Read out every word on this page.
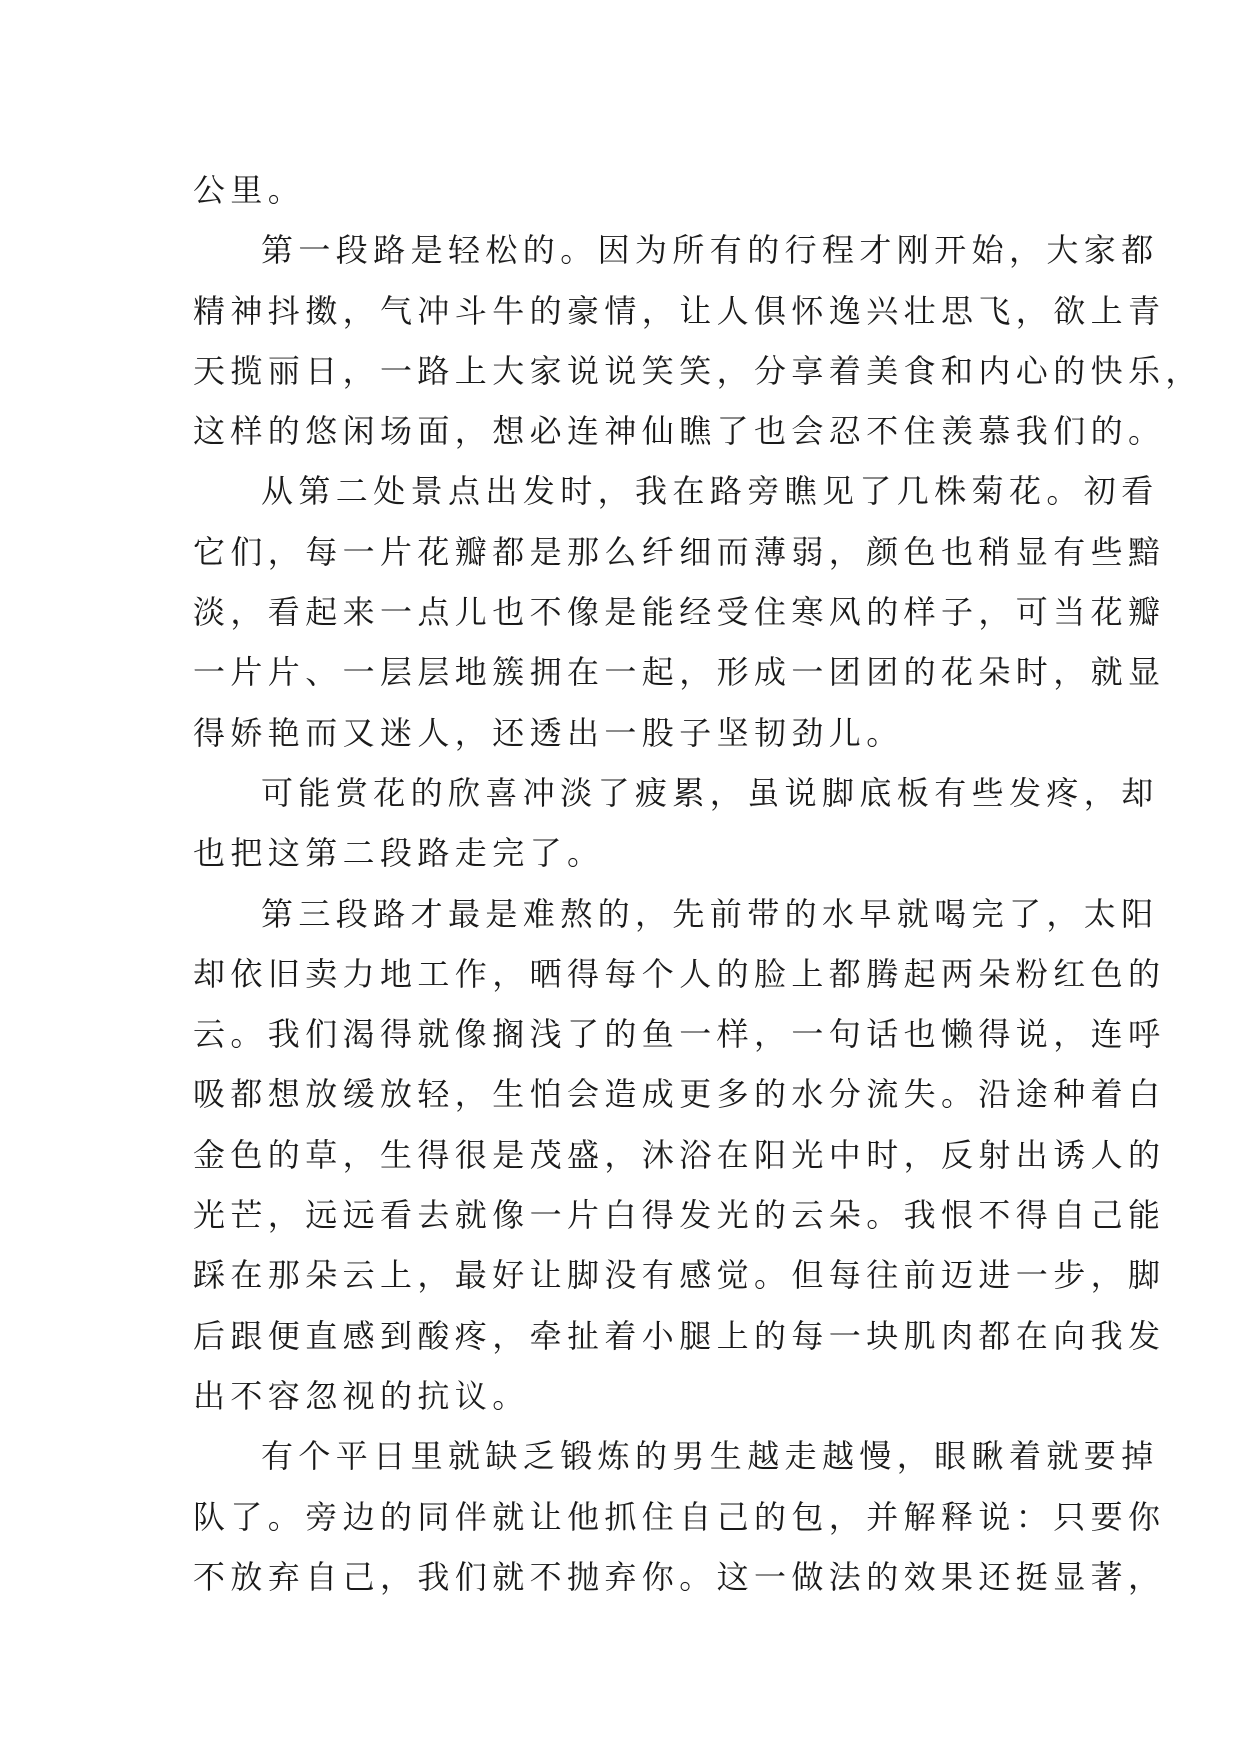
公里。
第一段路是轻松的。因为所有的行程才刚开始，大家都
精神抖擞，气冲斗牛的豪情，让人俱怀逸兴壮思飞，欲上青
天揽丽日，一路上大家说说笑笑，分享着美食和内心的快乐，
这样的悠闲场面，想必连神仙瞧了也会忍不住羡慕我们的。
从第二处景点出发时，我在路旁瞧见了几株菊花。初看
它们，每一片花瓣都是那么纤细而薄弱，颜色也稍显有些黯
淡，看起来一点儿也不像是能经受住寒风的样子，可当花瓣
一片片、一层层地簇拥在一起，形成一团团的花朵时，就显
得娇艳而又迷人，还透出一股子坚韧劲儿。
可能赏花的欣喜冲淡了疲累，虽说脚底板有些发疼，却
也把这第二段路走完了。
第三段路才最是难熬的，先前带的水早就喝完了，太阳
却依旧卖力地工作，晒得每个人的脸上都腾起两朵粉红色的
云。我们渴得就像搁浅了的鱼一样，一句话也懒得说，连呼
吸都想放缓放轻，生怕会造成更多的水分流失。沿途种着白
金色的草，生得很是茂盛，沐浴在阳光中时，反射出诱人的
光芒，远远看去就像一片白得发光的云朵。我恨不得自己能
踩在那朵云上，最好让脚没有感觉。但每往前迈进一步，脚
后跟便直感到酸疼，牵扯着小腿上的每一块肌肉都在向我发
出不容忽视的抗议。
有个平日里就缺乏锻炼的男生越走越慢，眼瞅着就要掉
队了。旁边的同伴就让他抓住自己的包，并解释说：只要你
不放弃自己，我们就不抛弃你。这一做法的效果还挺显著，
